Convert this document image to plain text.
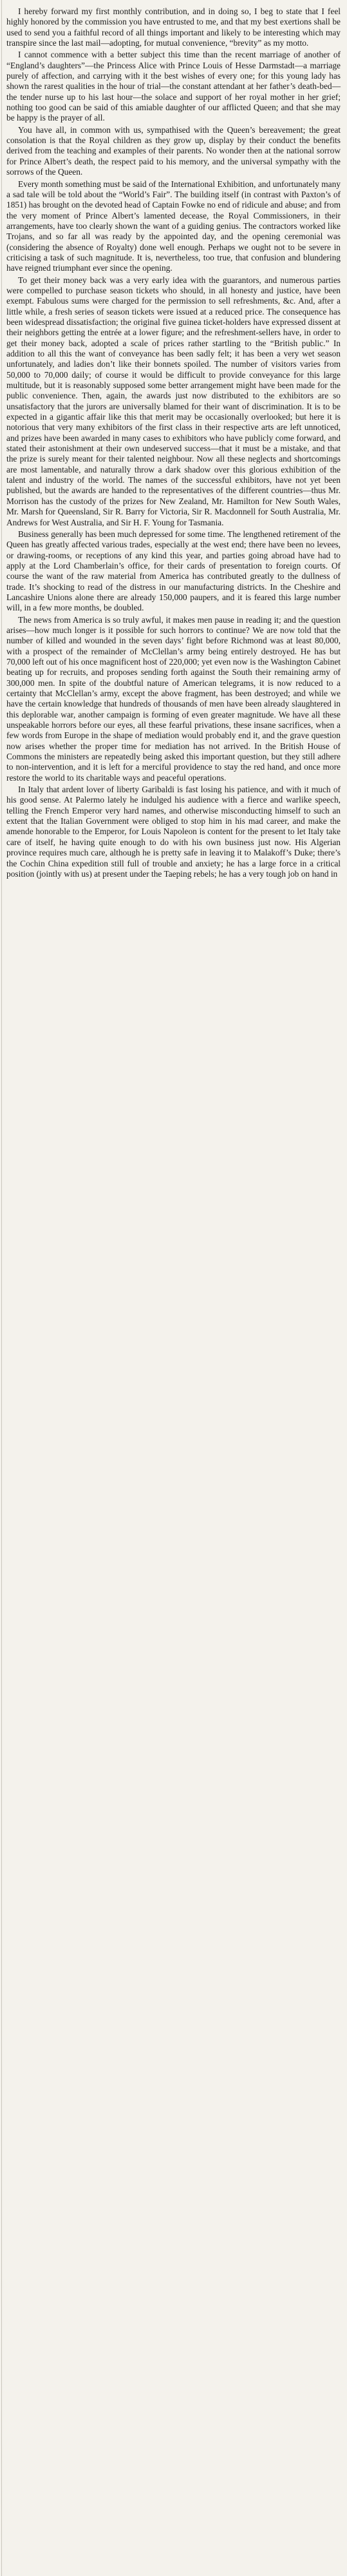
I hereby forward my first monthly contribution, and in doing so, I beg to state that I feel highly honored by the commission you have entrusted to me, and that my best exertions shall be used to send you a faithful record of all things important and likely to be interesting which may transpire since the last mail—adopting, for mutual convenience, “brevity” as my motto.

I cannot commence with a better subject this time than the recent marriage of another of “England’s daughters”—the Princess Alice with Prince Louis of Hesse Darmstadt—a marriage purely of affection, and carrying with it the best wishes of every one; for this young lady has shown the rarest qualities in the hour of trial—the constant attendant at her father’s death-bed—the tender nurse up to his last hour—the solace and support of her royal mother in her grief; nothing too good can be said of this amiable daughter of our afflicted Queen; and that she may be happy is the prayer of all.

You have all, in common with us, sympathised with the Queen’s bereavement; the great consolation is that the Royal children as they grow up, display by their conduct the benefits derived from the teaching and examples of their parents. No wonder then at the national sorrow for Prince Albert’s death, the respect paid to his memory, and the universal sympathy with the sorrows of the Queen.

Every month something must be said of the International Exhibition, and unfortunately many a sad tale will be told about the “World’s Fair”. The building itself (in contrast with Paxton’s of 1851) has brought on the devoted head of Captain Fowke no end of ridicule and abuse; and from the very moment of Prince Albert’s lamented decease, the Royal Commissioners, in their arrangements, have too clearly shown the want of a guiding genius. The contractors worked like Trojans, and so far all was ready by the appointed day, and the opening ceremonial was (considering the absence of Royalty) done well enough. Perhaps we ought not to be severe in criticising a task of such magnitude. It is, nevertheless, too true, that confusion and blundering have reigned triumphant ever since the opening.

To get their money back was a very early idea with the guarantors, and numerous parties were compelled to purchase season tickets who should, in all honesty and justice, have been exempt. Fabulous sums were charged for the permission to sell refreshments, &c. And, after a little while, a fresh series of season tickets were issued at a reduced price. The consequence has been widespread dissatisfaction; the original five guinea ticket-holders have expressed dissent at their neighbors getting the entrée at a lower figure; and the refreshment-sellers have, in order to get their money back, adopted a scale of prices rather startling to the “British public.” In addition to all this the want of conveyance has been sadly felt; it has been a very wet season unfortunately, and ladies don’t like their bonnets spoiled. The number of visitors varies from 50,000 to 70,000 daily; of course it would be difficult to provide conveyance for this large multitude, but it is reasonably supposed some better arrangement might have been made for the public convenience. Then, again, the awards just now distributed to the exhibitors are so unsatisfactory that the jurors are universally blamed for their want of discrimination. It is to be expected in a gigantic affair like this that merit may be occasionally overlooked; but here it is notorious that very many exhibitors of the first class in their respective arts are left unnoticed, and prizes have been awarded in many cases to exhibitors who have publicly come forward, and stated their astonishment at their own undeserved success—that it must be a mistake, and that the prize is surely meant for their talented neighbour. Now all these neglects and shortcomings are most lamentable, and naturally throw a dark shadow over this glorious exhibition of the talent and industry of the world. The names of the successful exhibitors, have not yet been published, but the awards are handed to the representatives of the different countries—thus Mr. Morrison has the custody of the prizes for New Zealand, Mr. Hamilton for New South Wales, Mr. Marsh for Queensland, Sir R. Barry for Victoria, Sir R. Macdonnell for South Australia, Mr. Andrews for West Australia, and Sir H. F. Young for Tasmania.

Business generally has been much depressed for some time. The lengthened retirement of the Queen has greatly affected various trades, especially at the west end; there have been no levees, or drawing-rooms, or receptions of any kind this year, and parties going abroad have had to apply at the Lord Chamberlain’s office, for their cards of presentation to foreign courts. Of course the want of the raw material from America has contributed greatly to the dullness of trade. It’s shocking to read of the distress in our manufacturing districts. In the Cheshire and Lancashire Unions alone there are already 150,000 paupers, and it is feared this large number will, in a few more months, be doubled.

The news from America is so truly awful, it makes men pause in reading it; and the question arises—how much longer is it possible for such horrors to continue? We are now told that the number of killed and wounded in the seven days’ fight before Richmond was at least 80,000, with a prospect of the remainder of McClellan’s army being entirely destroyed. He has but 70,000 left out of his once magnificent host of 220,000; yet even now is the Washington Cabinet beating up for recruits, and proposes sending forth against the South their remaining army of 300,000 men. In spite of the doubtful nature of American telegrams, it is now reduced to a certainty that McClellan’s army, except the above fragment, has been destroyed; and while we have the certain knowledge that hundreds of thousands of men have been already slaughtered in this deplorable war, another campaign is forming of even greater magnitude. We have all these unspeakable horrors before our eyes, all these fearful privations, these insane sacrifices, when a few words from Europe in the shape of mediation would probably end it, and the grave question now arises whether the proper time for mediation has not arrived. In the British House of Commons the ministers are repeatedly being asked this important question, but they still adhere to non-intervention, and it is left for a merciful providence to stay the red hand, and once more restore the world to its charitable ways and peaceful operations.

In Italy that ardent lover of liberty Garibaldi is fast losing his patience, and with it much of his good sense. At Palermo lately he indulged his audience with a fierce and warlike speech, telling the French Emperor very hard names, and otherwise misconducting himself to such an extent that the Italian Government were obliged to stop him in his mad career, and make the amende honorable to the Emperor, for Louis Napoleon is content for the present to let Italy take care of itself, he having quite enough to do with his own business just now. His Algerian province requires much care, although he is pretty safe in leaving it to Malakoff’s Duke; there’s the Cochin China expedition still full of trouble and anxiety; he has a large force in a critical position (jointly with us) at present under the Taeping rebels; he has a very tough job on hand in
